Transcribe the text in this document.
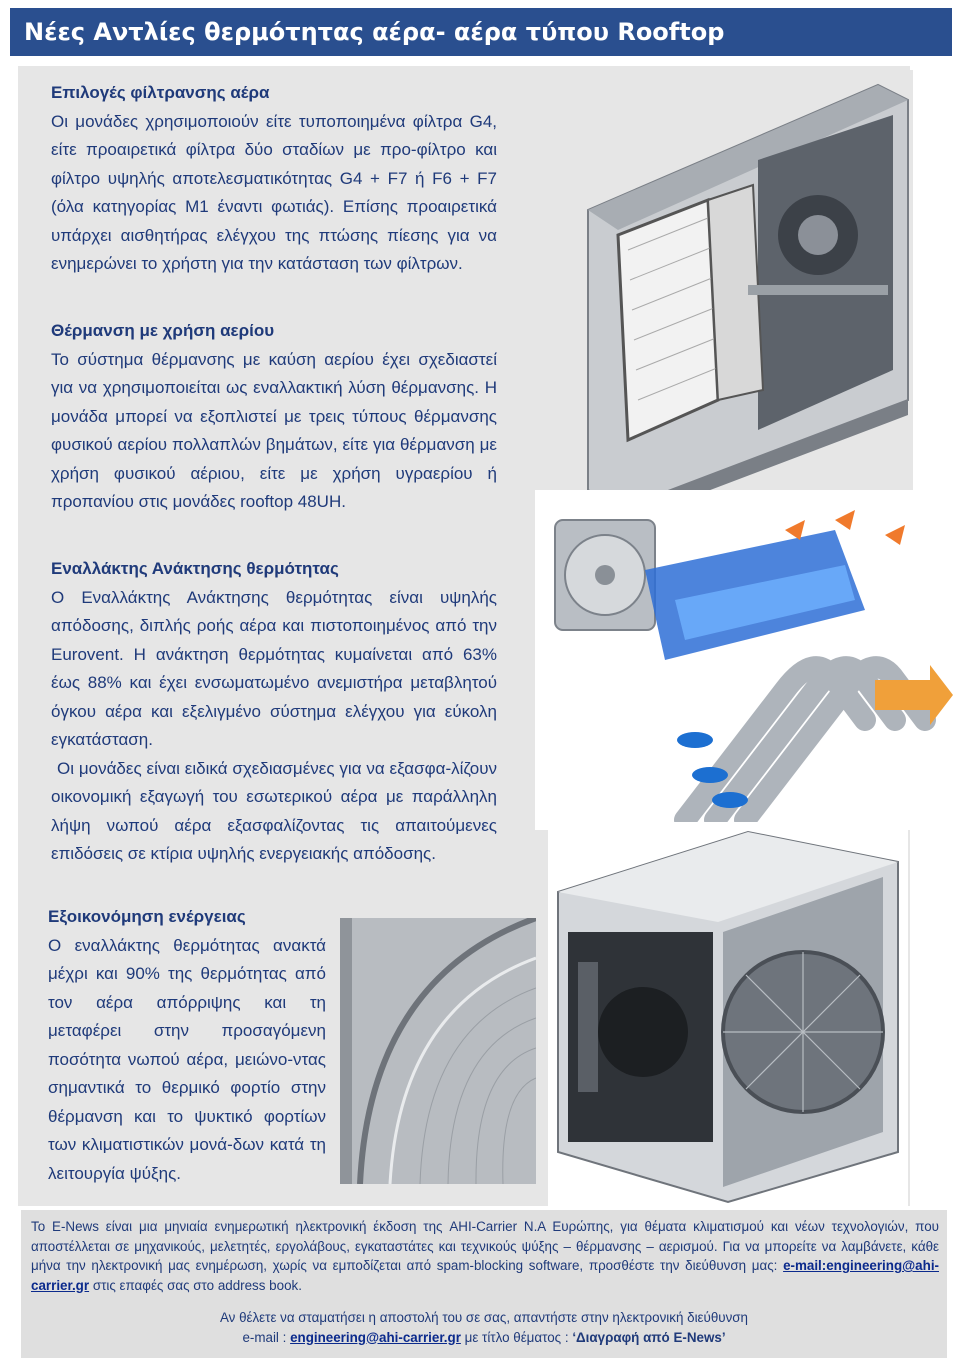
Νέες Αντλίες θερμότητας αέρα- αέρα τύπου Rooftop
Επιλογές φίλτρανσης αέρα

Οι μονάδες χρησιμοποιούν είτε τυποποιημένα φίλτρα G4, είτε προαιρετικά φίλτρα δύο σταδίων με προ-φίλτρο και φίλτρο υψηλής αποτελεσματικότητας G4 + F7 ή F6 + F7 (όλα κατηγορίας M1 έναντι φωτιάς). Επίσης προαιρετικά υπάρχει αισθητήρας ελέγχου της πτώσης πίεσης για να ενημερώνει το χρήστη για την κατάσταση των φίλτρων.

Θέρμανση με χρήση αερίου

Το σύστημα θέρμανσης με καύση αερίου έχει σχεδιαστεί για να χρησιμοποιείται ως εναλλακτική λύση θέρμανσης. Η μονάδα μπορεί να εξοπλιστεί με τρεις τύπους θέρμανσης φυσικού αερίου πολλαπλών βημάτων, είτε για θέρμανση με χρήση φυσικού αέριου, είτε με χρήση υγραερίου ή προπανίου στις μονάδες rooftop 48UH.

Εναλλάκτης Ανάκτησης θερμότητας

Ο Εναλλάκτης Ανάκτησης θερμότητας είναι υψηλής απόδοσης, διπλής ροής αέρα και πιστοποιημένος από την Eurovent. Η ανάκτηση θερμότητας κυμαίνεται από 63% έως 88% και έχει ενσωματωμένο ανεμιστήρα μεταβλητού όγκου αέρα και εξελιγμένο σύστημα ελέγχου για εύκολη εγκατάσταση.

Οι μονάδες είναι ειδικά σχεδιασμένες για να εξασφα-λίζουν οικονομική εξαγωγή του εσωτερικού αέρα με παράλληλη λήψη νωπού αέρα εξασφαλίζοντας τις απαιτούμενες επιδόσεις σε κτίρια υψηλής ενεργειακής απόδοσης.

Εξοικονόμηση ενέργειας

Ο εναλλάκτης θερμότητας ανακτά μέχρι και 90% της θερμότητας από τον αέρα απόρριψης και τη μεταφέρει στην προσαγόμενη ποσότητα νωπού αέρα, μειώνο-ντας σημαντικά το θερμικό φορτίο στην θέρμανση και το ψυκτικό φορτίων των κλιματιστικών μονά-δων κατά τη λειτουργία ψύξης.

Το E-News είναι μια μηνιαία ενημερωτική ηλεκτρονική έκδοση της AHI-Carrier N.A Ευρώπης, για θέματα κλιματισμού και νέων τεχνολογιών, που αποστέλλεται σε μηχανικούς, μελετητές, εργολάβους, εγκαταστάτες και τεχνικούς ψύξης – θέρμανσης – αερισμού. Για να μπορείτε να λαμβάνετε, κάθε μήνα την ηλεκτρονική μας ενημέρωση, χωρίς να εμποδίζεται από spam-blocking software, προσθέστε την διεύθυνση μας: e-mail:engineering@ahi-carrier.gr στις επαφές σας στο address book.
Αν θέλετε να σταματήσει η αποστολή του σε σας, απαντήστε στην ηλεκτρονική διεύθυνση
e-mail : engineering@ahi-carrier.gr με τίτλο θέματος : ‘Διαγραφή από E-News’
